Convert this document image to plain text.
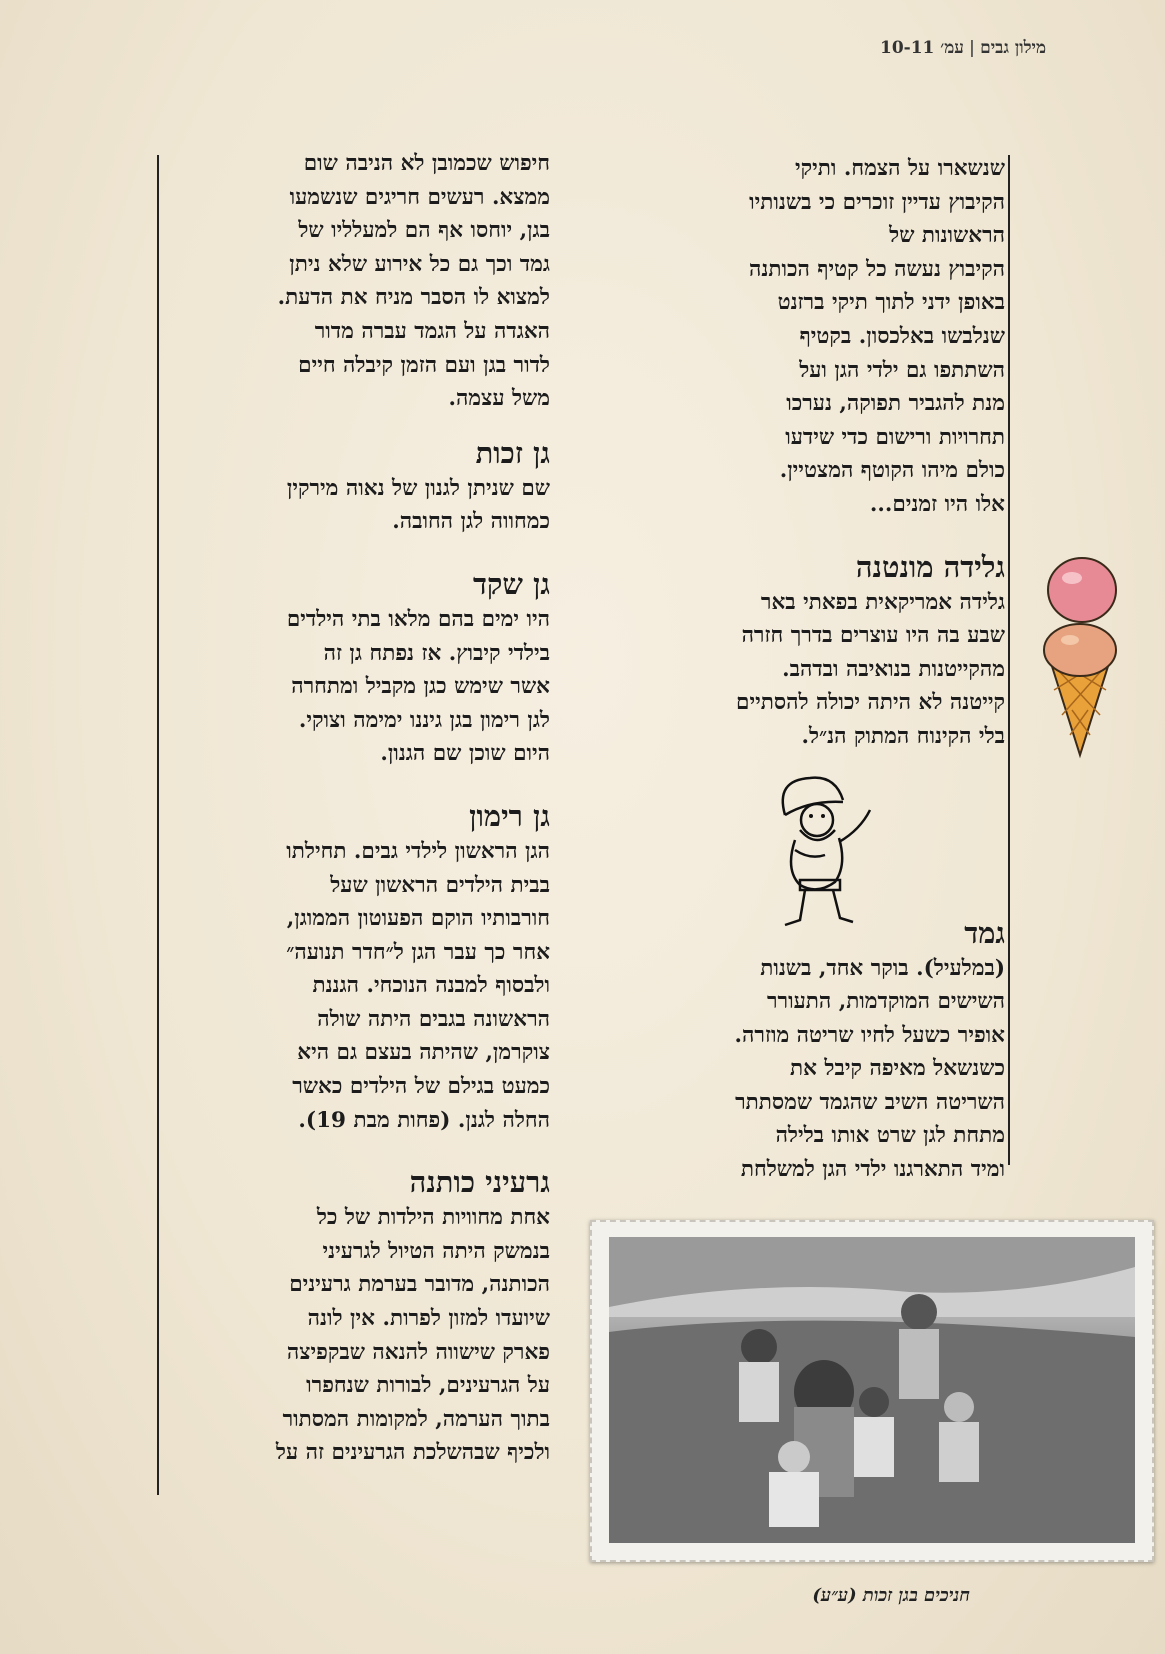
מילון גבים|עמ׳ 10-11

שנשארו על הצמח. ותיקי

הקיבוץ עדיין זוכרים כי בשנותיו

הראשונות של

הקיבוץ נעשה כל קטיף הכותנה

באופן ידני לתוך תיקי ברזנט

שנלבשו באלכסון. בקטיף

השתתפו גם ילדי הגן ועל

מנת להגביר תפוקה, נערכו

תחרויות ורישום כדי שידעו

כולם מיהו הקוטף המצטיין.

אלו היו זמנים...

גלידה מונטנה

גלידה אמריקאית בפאתי באר

שבע בה היו עוצרים בדרך חזרה

מהקייטנות בנואיבה ובדהב.

קייטנה לא היתה יכולה להסתיים

בלי הקינוח המתוק הנ״ל.

גמד

(במלעיל). בוקר אחד, בשנות

השישים המוקדמות, התעורר

אופיר כשעל לחיו שריטה מוזרה.

כשנשאל מאיפה קיבל את

השריטה השיב שהגמד שמסתתר

מתחת לגן שרט אותו בלילה

ומיד התארגנו ילדי הגן למשלחת

חיפוש שכמובן לא הניבה שום

ממצא. רעשים חריגים שנשמעו

בגן, יוחסו אף הם למעלליו של

גמד וכך גם כל אירוע שלא ניתן

למצוא לו הסבר מניח את הדעת.

האגדה על הגמד עברה מדור

לדור בגן ועם הזמן קיבלה חיים

משל עצמה.

גן זכות

שם שניתן לגנון של נאוה מירקין

כמחווה לגן החובה.

גן שקד

היו ימים בהם מלאו בתי הילדים

בילדי קיבוץ. אז נפתח גן זה

אשר שימש כגן מקביל ומתחרה

לגן רימון בגן גיננו ימימה וצוקי.

היום שוכן שם הגנון.

גן רימון

הגן הראשון לילדי גבים. תחילתו

בבית הילדים הראשון שעל

חורבותיו הוקם הפעוטון הממוגן,

אחר כך עבר הגן ל״חדר תנועה״

ולבסוף למבנה הנוכחי. הגננת

הראשונה בגבים היתה שולה

צוקרמן, שהיתה בעצם גם היא

כמעט בגילם של הילדים כאשר

החלה לגנן. (פחות מבת 19).

גרעיני כותנה

אחת מחוויות הילדות של כל

בנמשק היתה הטיול לגרעיני

הכותנה, מדובר בערמת גרעינים

שיועדו למזון לפרות. אין לונה

פארק שישווה להנאה שבקפיצה

על הגרעינים, לבורות שנחפרו

בתוך הערמה, למקומות המסתור

ולכיף שבהשלכת הגרעינים זה על

חניכים בגן זכות (ע״ע)
